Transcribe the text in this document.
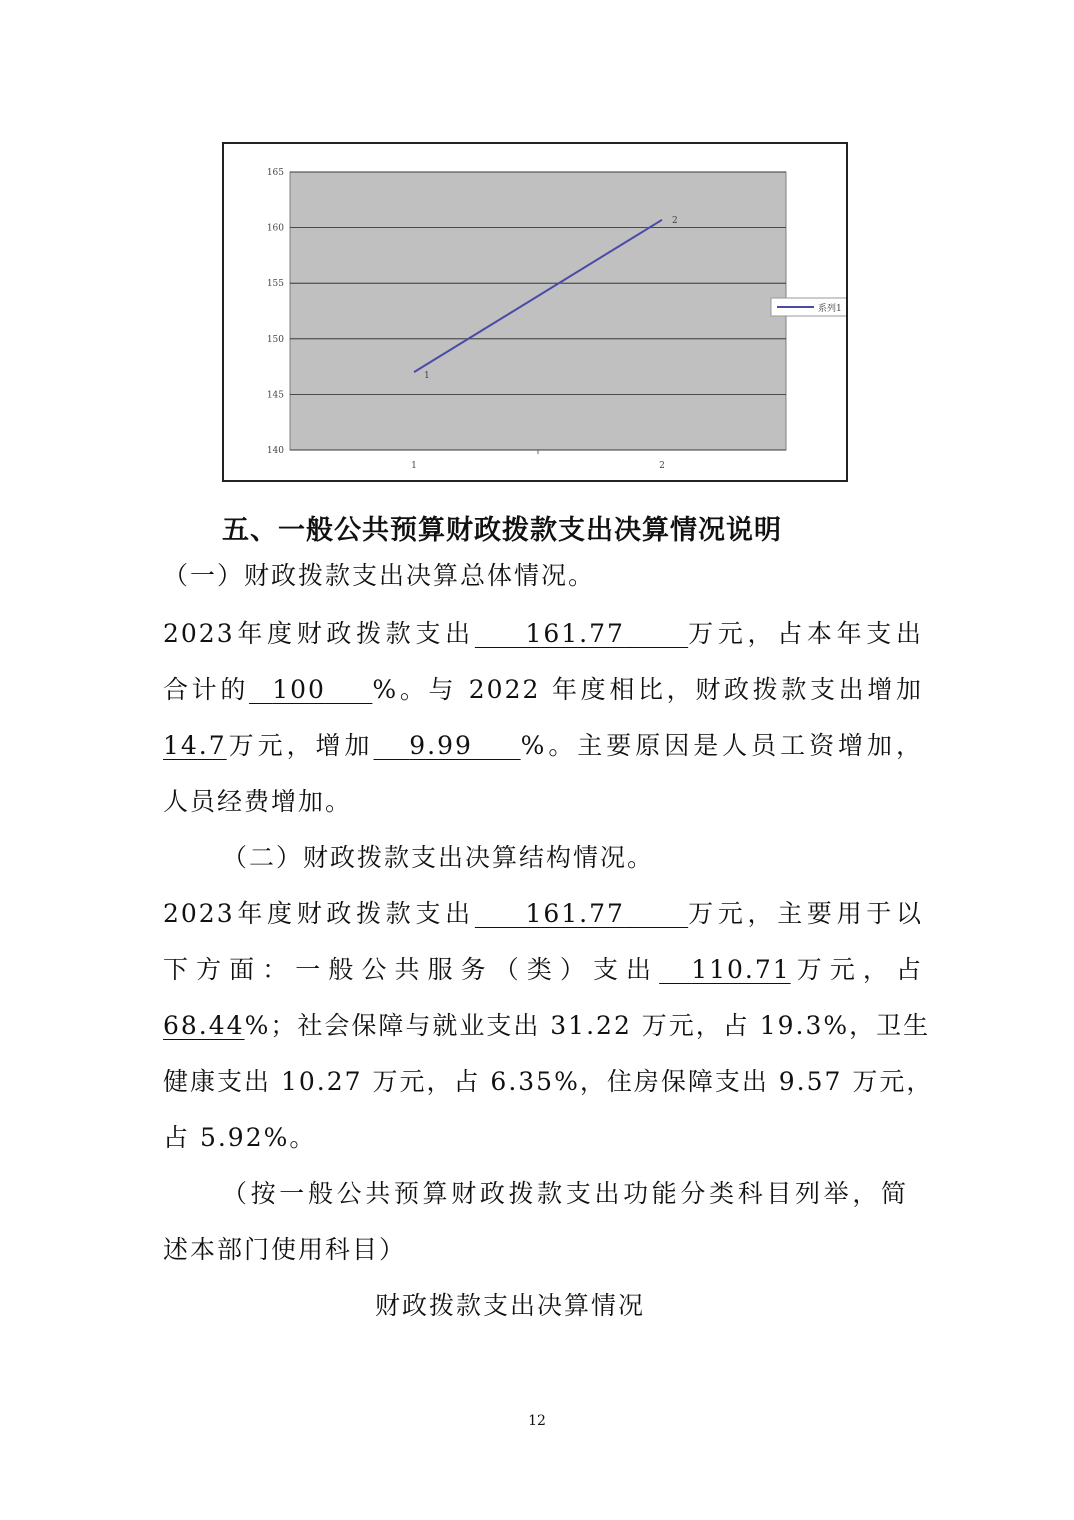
165
160
155
150
145
140
1	2
1
2
系列1
五、一般公共预算财政拨款支出决算情况说明
（一）财政拨款支出决算总体情况。
2023年度财政拨款支出 161.77	万元，占本年支出
合计的 100 %。与 2022 年度相比，财政拨款支出增加
14.7万元，增加 9.99 %。主要原因是人员工资增加，
人员经费增加。
（二）财政拨款支出决算结构情况。
2023年度财政拨款支出 161.77	万元，主要用于以
下方面：一般公共服务（类）支出 110.71万元，占
68.44%；社会保障与就业支出 31.22 万元，占 19.3%，卫生
健康支出 10.27 万元，占 6.35%，住房保障支出 9.57 万元，
占 5.92%。
（按一般公共预算财政拨款支出功能分类科目列举，简
述本部门使用科目）
财政拨款支出决算情况
12
